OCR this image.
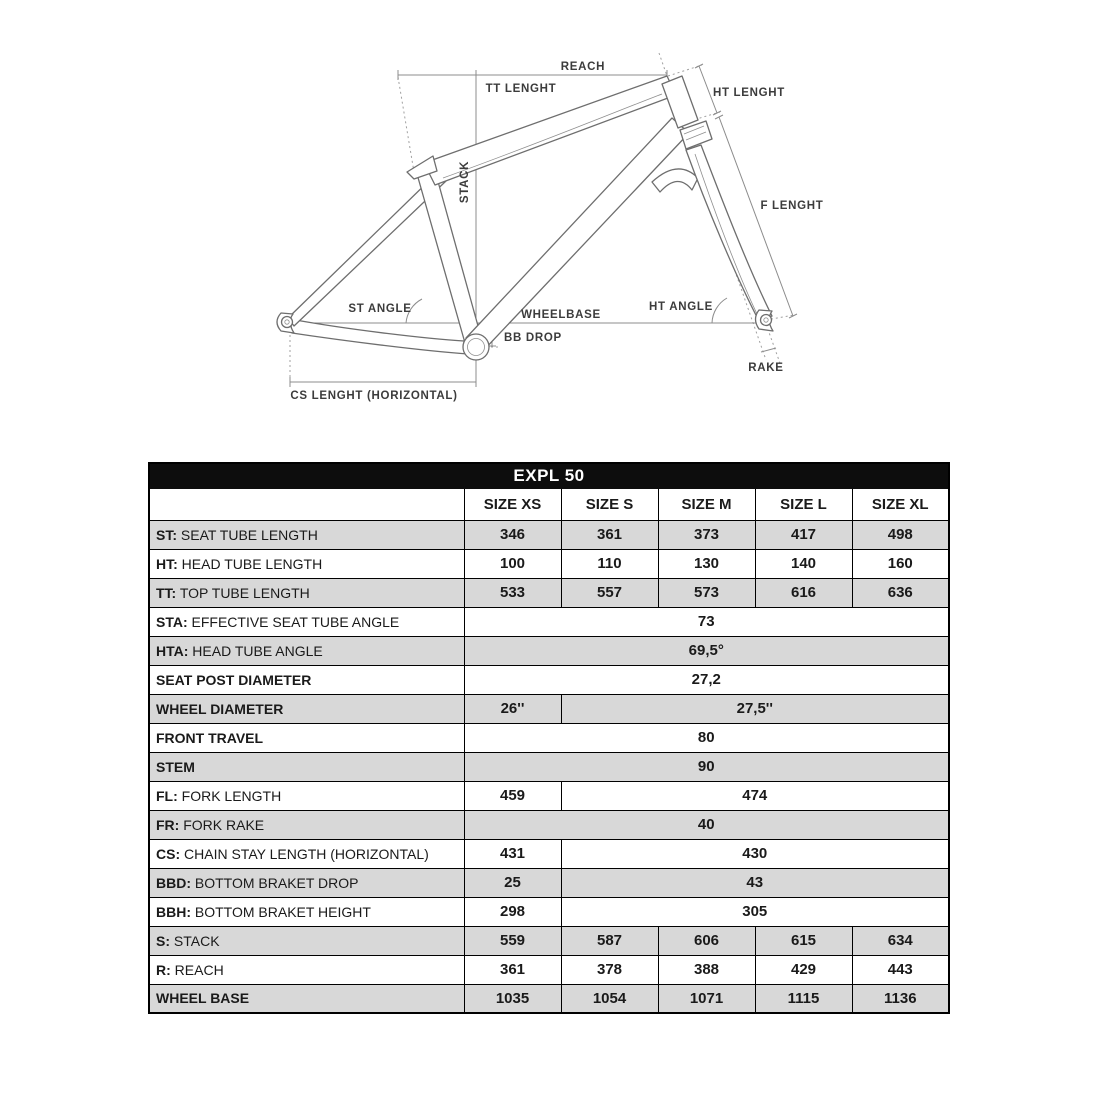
REACH
TT LENGHT	HT LENGHT
STACK
F LENGHT
ST ANGLE	WHEELBASE
BB DROP
HT ANGLE
RAKE
CS LENGHT (HORIZONTAL)
EXPL 50					
	SIZE XS	SIZE S	SIZE M	SIZE L	SIZE XL
ST: SEAT TUBE LENGTH	346	361	373	417	498
HT: HEAD TUBE LENGTH	100	110	130	140	160
TT: TOP TUBE LENGTH	533	557	573	616	636
STA: EFFECTIVE SEAT TUBE ANGLE	73				
HTA: HEAD TUBE ANGLE	69,5°				
SEAT POST DIAMETER	27,2				
WHEEL DIAMETER	26''	27,5''			
FRONT TRAVEL	80				
STEM	90				
FL: FORK LENGTH	459	474			
FR: FORK RAKE	40				
CS: CHAIN STAY LENGTH (HORIZONTAL)	431	430			
BBD: BOTTOM BRAKET DROP	25	43			
BBH: BOTTOM BRAKET HEIGHT	298	305			
S: STACK	559	587	606	615	634
R: REACH	361	378	388	429	443
WHEEL BASE	1035	1054	1071	1115	1136
